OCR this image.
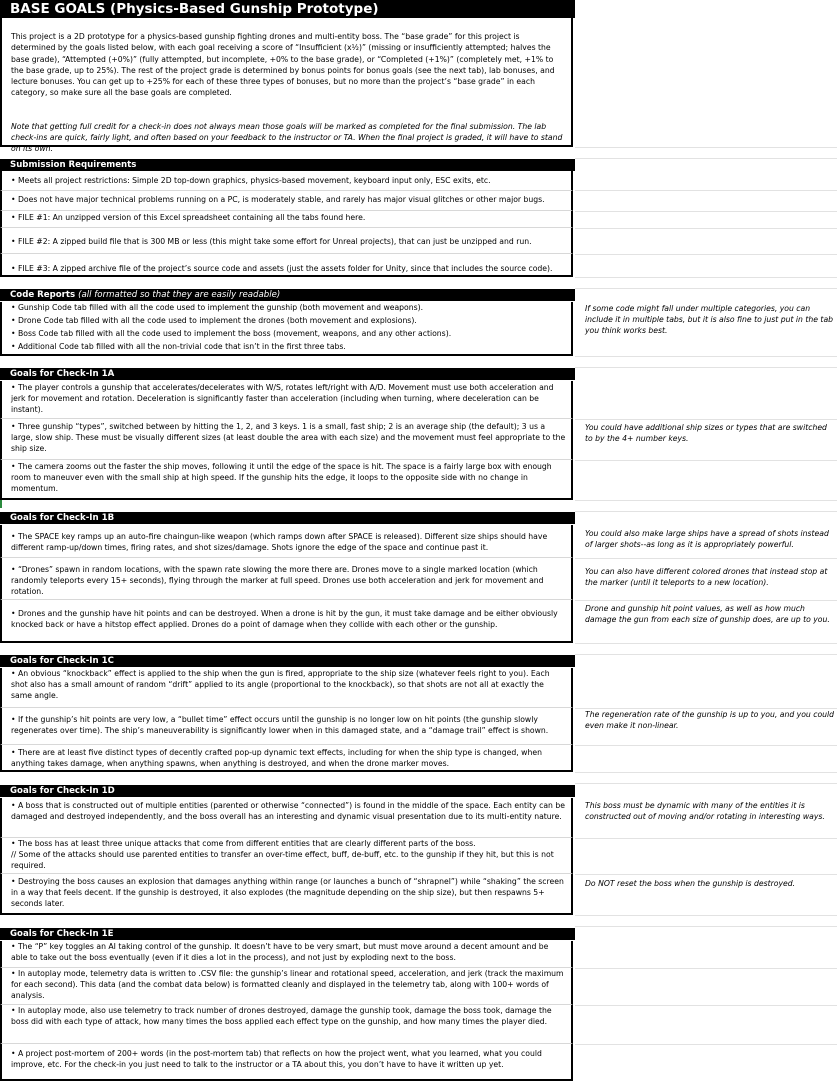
BASE GOALS (Physics-Based Gunship Prototype)

This project is a 2D prototype for a physics-based gunship fighting drones and multi-entity boss. The “base grade” for this project is determined by the goals listed below, with each goal receiving a score of “Insufficient (x½)” (missing or insufficiently attempted; halves the base grade), “Attempted (+0%)” (fully attempted, but incomplete, +0% to the base grade), or “Completed (+1%)” (completely met, +1% to the base grade, up to 25%). The rest of the project grade is determined by bonus points for bonus goals (see the next tab), lab bonuses, and lecture bonuses. You can get up to +25% for each of these three types of bonuses, but no more than the project’s “base grade” in each category, so make sure all the base goals are completed.

Note that getting full credit for a check-in does not always mean those goals will be marked as completed for the final submission. The lab check-ins are quick, fairly light, and often based on your feedback to the instructor or TA. When the final project is graded, it will have to stand on its own.

Submission Requirements
• Meets all project restrictions: Simple 2D top-down graphics, physics-based movement, keyboard input only, ESC exits, etc.
• Does not have major technical problems running on a PC, is moderately stable, and rarely has major visual glitches or other major bugs.
• FILE #1: An unzipped version of this Excel spreadsheet containing all the tabs found here.
• FILE #2: A zipped build file that is 300 MB or less (this might take some effort for Unreal projects), that can just be unzipped and run.
• FILE #3: A zipped archive file of the project’s source code and assets (just the assets folder for Unity, since that includes the source code).
Code Reports (all formatted so that they are easily readable)
• Gunship Code tab filled with all the code used to implement the gunship (both movement and weapons).
• Drone Code tab filled with all the code used to implement the drones (both movement and explosions).
• Boss Code tab filled with all the code used to implement the boss (movement, weapons, and any other actions).
• Additional Code tab filled with all the non-trivial code that isn’t in the first three tabs.
If some code might fall under multiple categories, you can include it in multiple tabs, but it is also fine to just put in the tab you think works best.
Goals for Check-In 1A
• The player controls a gunship that accelerates/decelerates with W/S, rotates left/right with A/D. Movement must use both acceleration and jerk for movement and rotation. Deceleration is significantly faster than acceleration (including when turning, where deceleration can be instant).
• Three gunship “types”, switched between by hitting the 1, 2, and 3 keys. 1 is a small, fast ship; 2 is an average ship (the default); 3 us a large, slow ship. These must be visually different sizes (at least double the area with each size) and the movement must feel appropriate to the ship size.
• The camera zooms out the faster the ship moves, following it until the edge of the space is hit. The space is a fairly large box with enough room to maneuver even with the small ship at high speed. If the gunship hits the edge, it loops to the opposite side with no change in momentum.
You could have additional ship sizes or types that are switched to by the 4+ number keys.
Goals for Check-In 1B
• The SPACE key ramps up an auto-fire chaingun-like weapon (which ramps down after SPACE is released). Different size ships should have different ramp-up/down times, firing rates, and shot sizes/damage. Shots ignore the edge of the space and continue past it.
• “Drones” spawn in random locations, with the spawn rate slowing the more there are. Drones move to a single marked location (which randomly teleports every 15+ seconds), flying through the marker at full speed. Drones use both acceleration and jerk for movement and rotation.
• Drones and the gunship have hit points and can be destroyed. When a drone is hit by the gun, it must take damage and be either obviously knocked back or have a hitstop effect applied. Drones do a point of damage when they collide with each other or the gunship.
You could also make large ships have a spread of shots instead of larger shots--as long as it is appropriately powerful.
You can also have different colored drones that instead stop at the marker (until it teleports to a new location).
Drone and gunship hit point values, as well as how much damage the gun from each size of gunship does, are up to you.
Goals for Check-In 1C
• An obvious “knockback” effect is applied to the ship when the gun is fired, appropriate to the ship size (whatever feels right to you). Each shot also has a small amount of random “drift” applied to its angle (proportional to the knockback), so that shots are not all at exactly the same angle.
• If the gunship’s hit points are very low, a “bullet time” effect occurs until the gunship is no longer low on hit points (the gunship slowly regenerates over time). The ship’s maneuverability is significantly lower when in this damaged state, and a “damage trail” effect is shown.
• There are at least five distinct types of decently crafted pop-up dynamic text effects, including for when the ship type is changed, when anything takes damage, when anything spawns, when anything is destroyed, and when the drone marker moves.
The regeneration rate of the gunship is up to you, and you could even make it non-linear.
Goals for Check-In 1D
• A boss that is constructed out of multiple entities (parented or otherwise “connected”) is found in the middle of the space. Each entity can be damaged and destroyed independently, and the boss overall has an interesting and dynamic visual presentation due to its multi-entity nature.
• The boss has at least three unique attacks that come from different entities that are clearly different parts of the boss.
// Some of the attacks should use parented entities to transfer an over-time effect, buff, de-buff, etc. to the gunship if they hit, but this is not required.
• Destroying the boss causes an explosion that damages anything within range (or launches a bunch of “shrapnel”) while “shaking” the screen in a way that feels decent. If the gunship is destroyed, it also explodes (the magnitude depending on the ship size), but then respawns 5+ seconds later.
This boss must be dynamic with many of the entities it is constructed out of moving and/or rotating in interesting ways.
Do NOT reset the boss when the gunship is destroyed.
Goals for Check-In 1E
• The “P” key toggles an AI taking control of the gunship. It doesn’t have to be very smart, but must move around a decent amount and be able to take out the boss eventually (even if it dies a lot in the process), and not just by exploding next to the boss.
• In autoplay mode, telemetry data is written to .CSV file: the gunship’s linear and rotational speed, acceleration, and jerk (track the maximum for each second). This data (and the combat data below) is formatted cleanly and displayed in the telemetry tab, along with 100+ words of analysis.
• In autoplay mode, also use telemetry to track number of drones destroyed, damage the gunship took, damage the boss took, damage the boss did with each type of attack, how many times the boss applied each effect type on the gunship, and how many times the player died.
• A project post-mortem of 200+ words (in the post-mortem tab) that reflects on how the project went, what you learned, what you could improve, etc. For the check-in you just need to talk to the instructor or a TA about this, you don’t have to have it written up yet.
